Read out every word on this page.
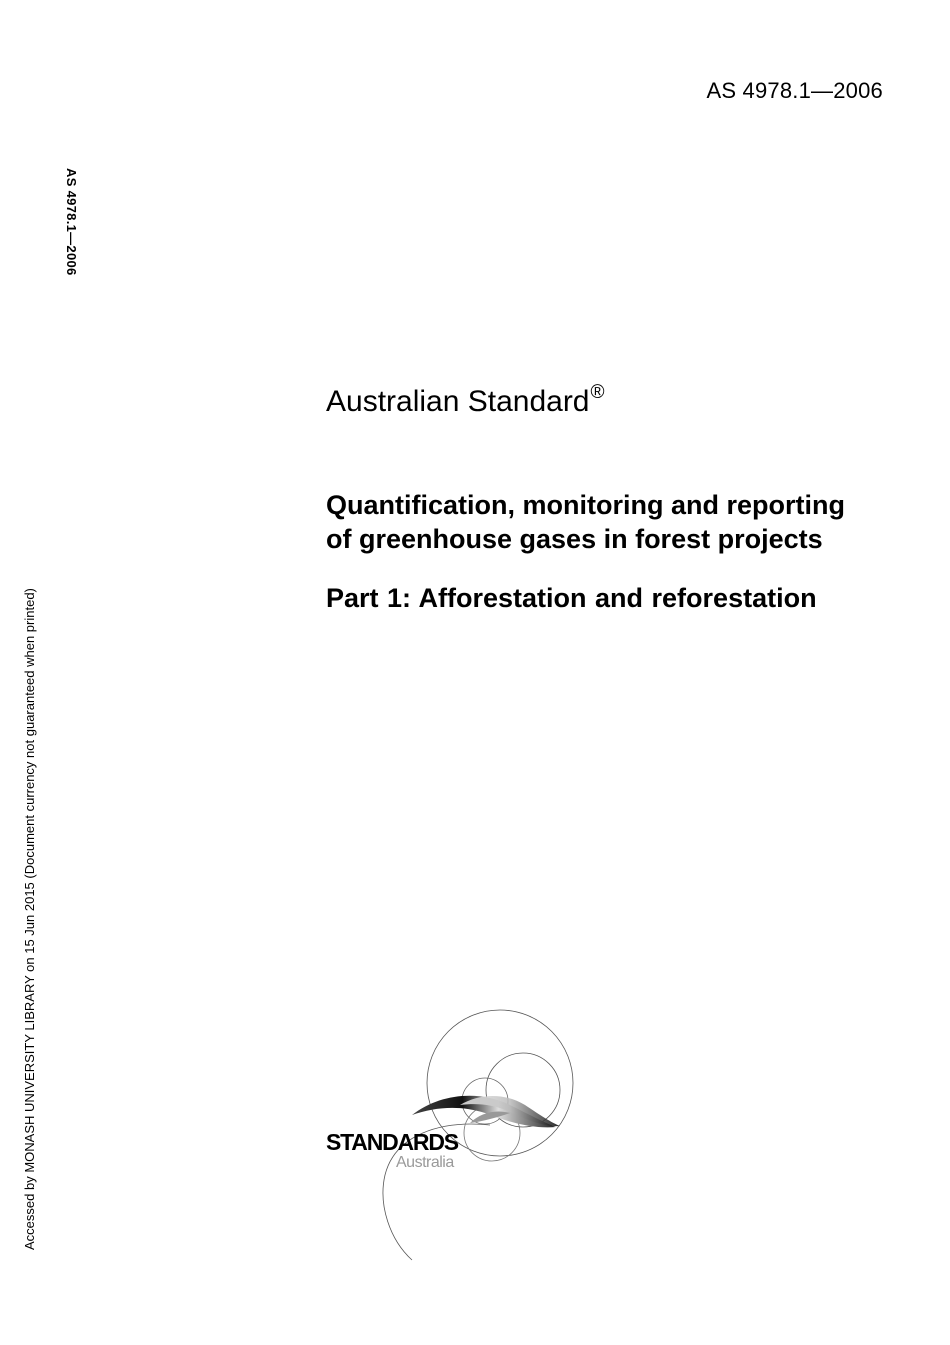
AS 4978.1—2006
AS 4978.1—2006
Accessed by MONASH UNIVERSITY LIBRARY on 15 Jun 2015 (Document currency not guaranteed when printed)
Australian Standard®
Quantification, monitoring and reporting
of greenhouse gases in forest projects
Part 1: Afforestation and reforestation
STANDARDS
Australia
